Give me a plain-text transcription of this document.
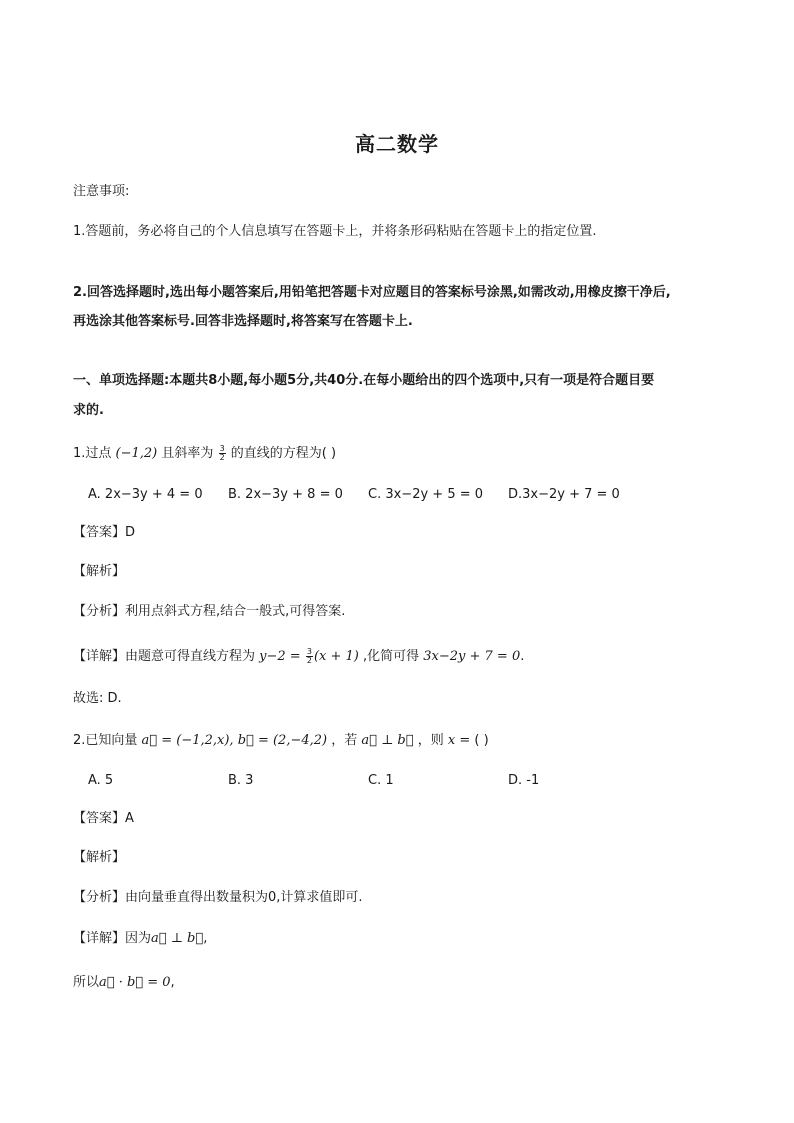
高二数学
注意事项:
1.答题前，务必将自己的个人信息填写在答题卡上，并将条形码粘贴在答题卡上的指定位置.
2.回答选择题时,选出每小题答案后,用铅笔把答题卡对应题目的答案标号涂黑,如需改动,用橡皮擦干净后,
再选涂其他答案标号.回答非选择题时,将答案写在答题卡上.
一、单项选择题:本题共8小题,每小题5分,共40分.在每小题给出的四个选项中,只有一项是符合题目要
求的.
1.过点 (−1,2) 且斜率为 $\frac{3}{2}$ 的直线的方程为( )
A. 2x−3y + 4 = 0 B. 2x−3y + 8 = 0 C. 3x−2y + 5 = 0 D.3x−2y + 7 = 0
【答案】D
【解析】
【分析】利用点斜式方程,结合一般式,可得答案.
【详解】由题意可得直线方程为 $y-2 = \frac{3}{2} (x + 1)$ ,化简可得 3x−2y + 7 = 0.
故选: D.
2.已知向量 a⃗ = (−1,2,x), b⃗ = (2,−4,2) ，若 a⃗ ⊥ b⃗ ，则 x = ( )
A. 5	B. 3	C. 1	D. -1
【答案】A
【解析】
【分析】由向量垂直得出数量积为0,计算求值即可.
【详解】因为a⃗ ⊥ b⃗,
所以a⃗ · b⃗ = 0,
